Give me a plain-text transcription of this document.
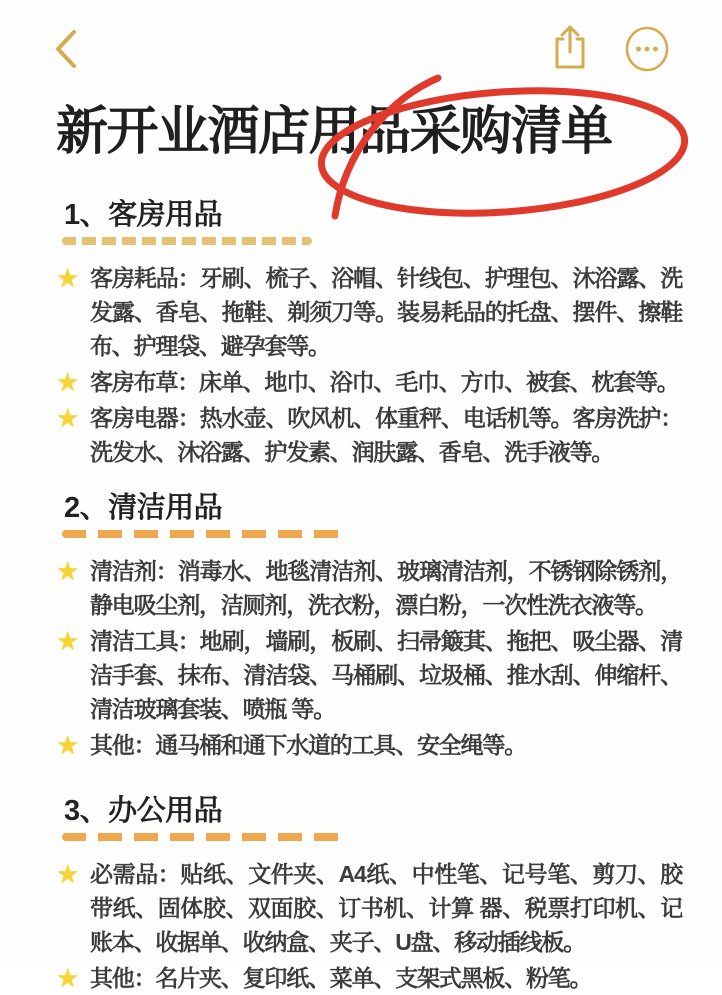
新开业酒店用品采购清单
1、客房用品
★ 客房耗品：牙刷、梳子、浴帽、针线包、护理包、沐浴露、洗发露、香皂、拖鞋、剃须刀等。装易耗品的托盘、摆件、擦鞋布、护理袋、避孕套等。
★ 客房布草：床单、地巾、浴巾、毛巾、方巾、被套、枕套等。
★ 客房电器：热水壶、吹风机、体重秤、电话机等。客房洗护：洗发水、沐浴露、护发素、润肤露、香皂、洗手液等。
2、清洁用品
★ 清洁剂：消毒水、地毯清洁剂、玻璃清洁剂，不锈钢除锈剂，静电吸尘剂，洁厕剂，洗衣粉，漂白粉，一次性洗衣液等。
★ 清洁工具：地刷，墙刷，板刷、扫帚簸萁、拖把、吸尘器、清洁手套、抹布、清洁袋、马桶刷、垃圾桶、推水刮、伸缩杆、清洁玻璃套装、喷瓶 等。
★ 其他：通马桶和通下水道的工具、安全绳等。
3、办公用品
★ 必需品：贴纸、文件夹、A4纸、中性笔、记号笔、剪刀、胶带纸、固体胶、双面胶、订书机、计算 器、税票打印机、记账本、收据单、收纳盒、夹子、U盘、移动插线板。
★ 其他：名片夹、复印纸、菜单、支架式黑板、粉笔。
